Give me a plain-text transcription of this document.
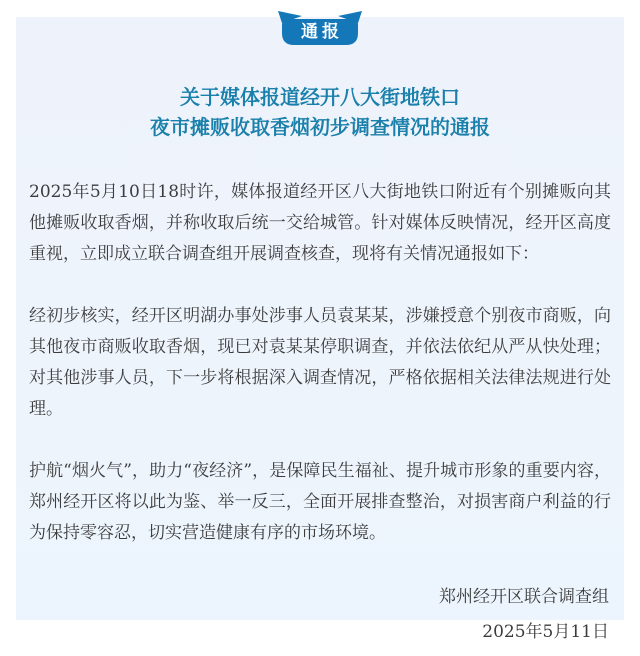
通报
关于媒体报道经开八大街地铁口
夜市摊贩收取香烟初步调查情况的通报

2025年5月10日18时许，媒体报道经开区八大街地铁口附近有个别摊贩向其他摊贩收取香烟，并称收取后统一交给城管。针对媒体反映情况，经开区高度重视，立即成立联合调查组开展调查核查，现将有关情况通报如下：

经初步核实，经开区明湖办事处涉事人员袁某某，涉嫌授意个别夜市商贩，向其他夜市商贩收取香烟，现已对袁某某停职调查，并依法依纪从严从快处理；对其他涉事人员，下一步将根据深入调查情况，严格依据相关法律法规进行处理。

护航“烟火气”，助力“夜经济”，是保障民生福祉、提升城市形象的重要内容，郑州经开区将以此为鉴、举一反三，全面开展排查整治，对损害商户利益的行为保持零容忍，切实营造健康有序的市场环境。

郑州经开区联合调查组
2025年5月11日
